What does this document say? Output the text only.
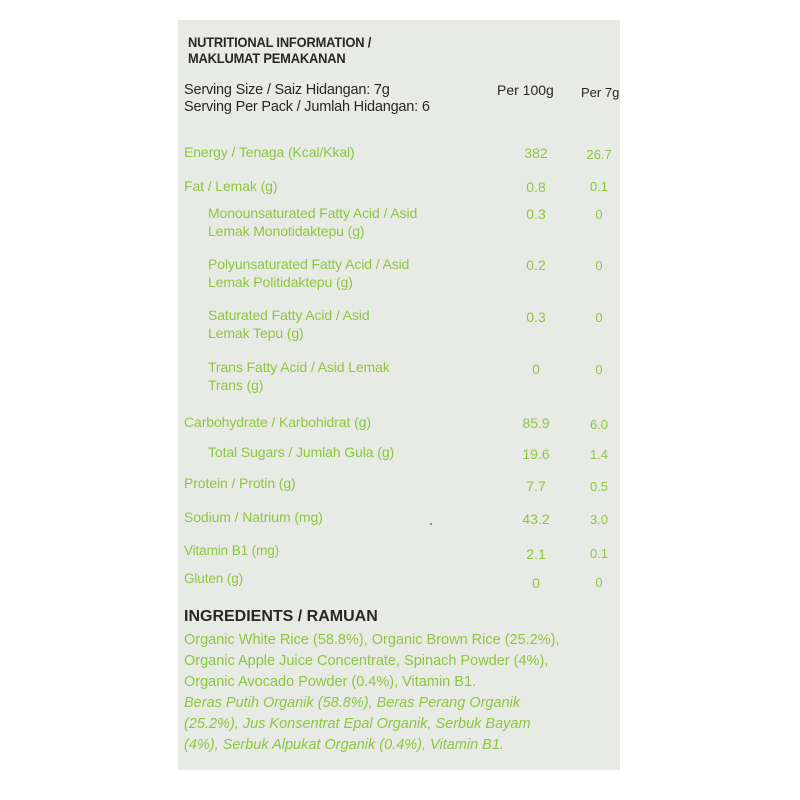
NUTRITIONAL INFORMATION /
MAKLUMAT PEMAKANAN
Serving Size / Saiz Hidangan: 7g
Serving Per Pack / Jumlah Hidangan: 6
Per 100g Per 7g
Energy / Tenaga (Kcal/Kkal)	382	26.7
Fat / Lemak (g)	0.8	0.1
Monounsaturated Fatty Acid / Asid
Lemak Monotidaktepu (g)
0.3	0
Polyunsaturated Fatty Acid / Asid
Lemak Politidaktepu (g)
0.2	0
Saturated Fatty Acid / Asid
Lemak Tepu (g)
0.3	0
Trans Fatty Acid / Asid Lemak
Trans (g)
0	0
Carbohydrate / Karbohidrat (g)	85.9	6.0
Total Sugars / Jumlah Gula (g)	19.6	1.4
Protein / Protin (g)	7.7	0.5
Sodium / Natrium (mg)	43.2	3.0
Vitamin B1 (mg)	2.1	0.1
Gluten (g)	0	0
INGREDIENTS / RAMUAN
Organic White Rice (58.8%), Organic Brown Rice (25.2%),
Organic Apple Juice Concentrate, Spinach Powder (4%),
Organic Avocado Powder (0.4%), Vitamin B1.
Beras Putih Organik (58.8%), Beras Perang Organik
(25.2%), Jus Konsentrat Epal Organik, Serbuk Bayam
(4%), Serbuk Alpukat Organik (0.4%), Vitamin B1.
